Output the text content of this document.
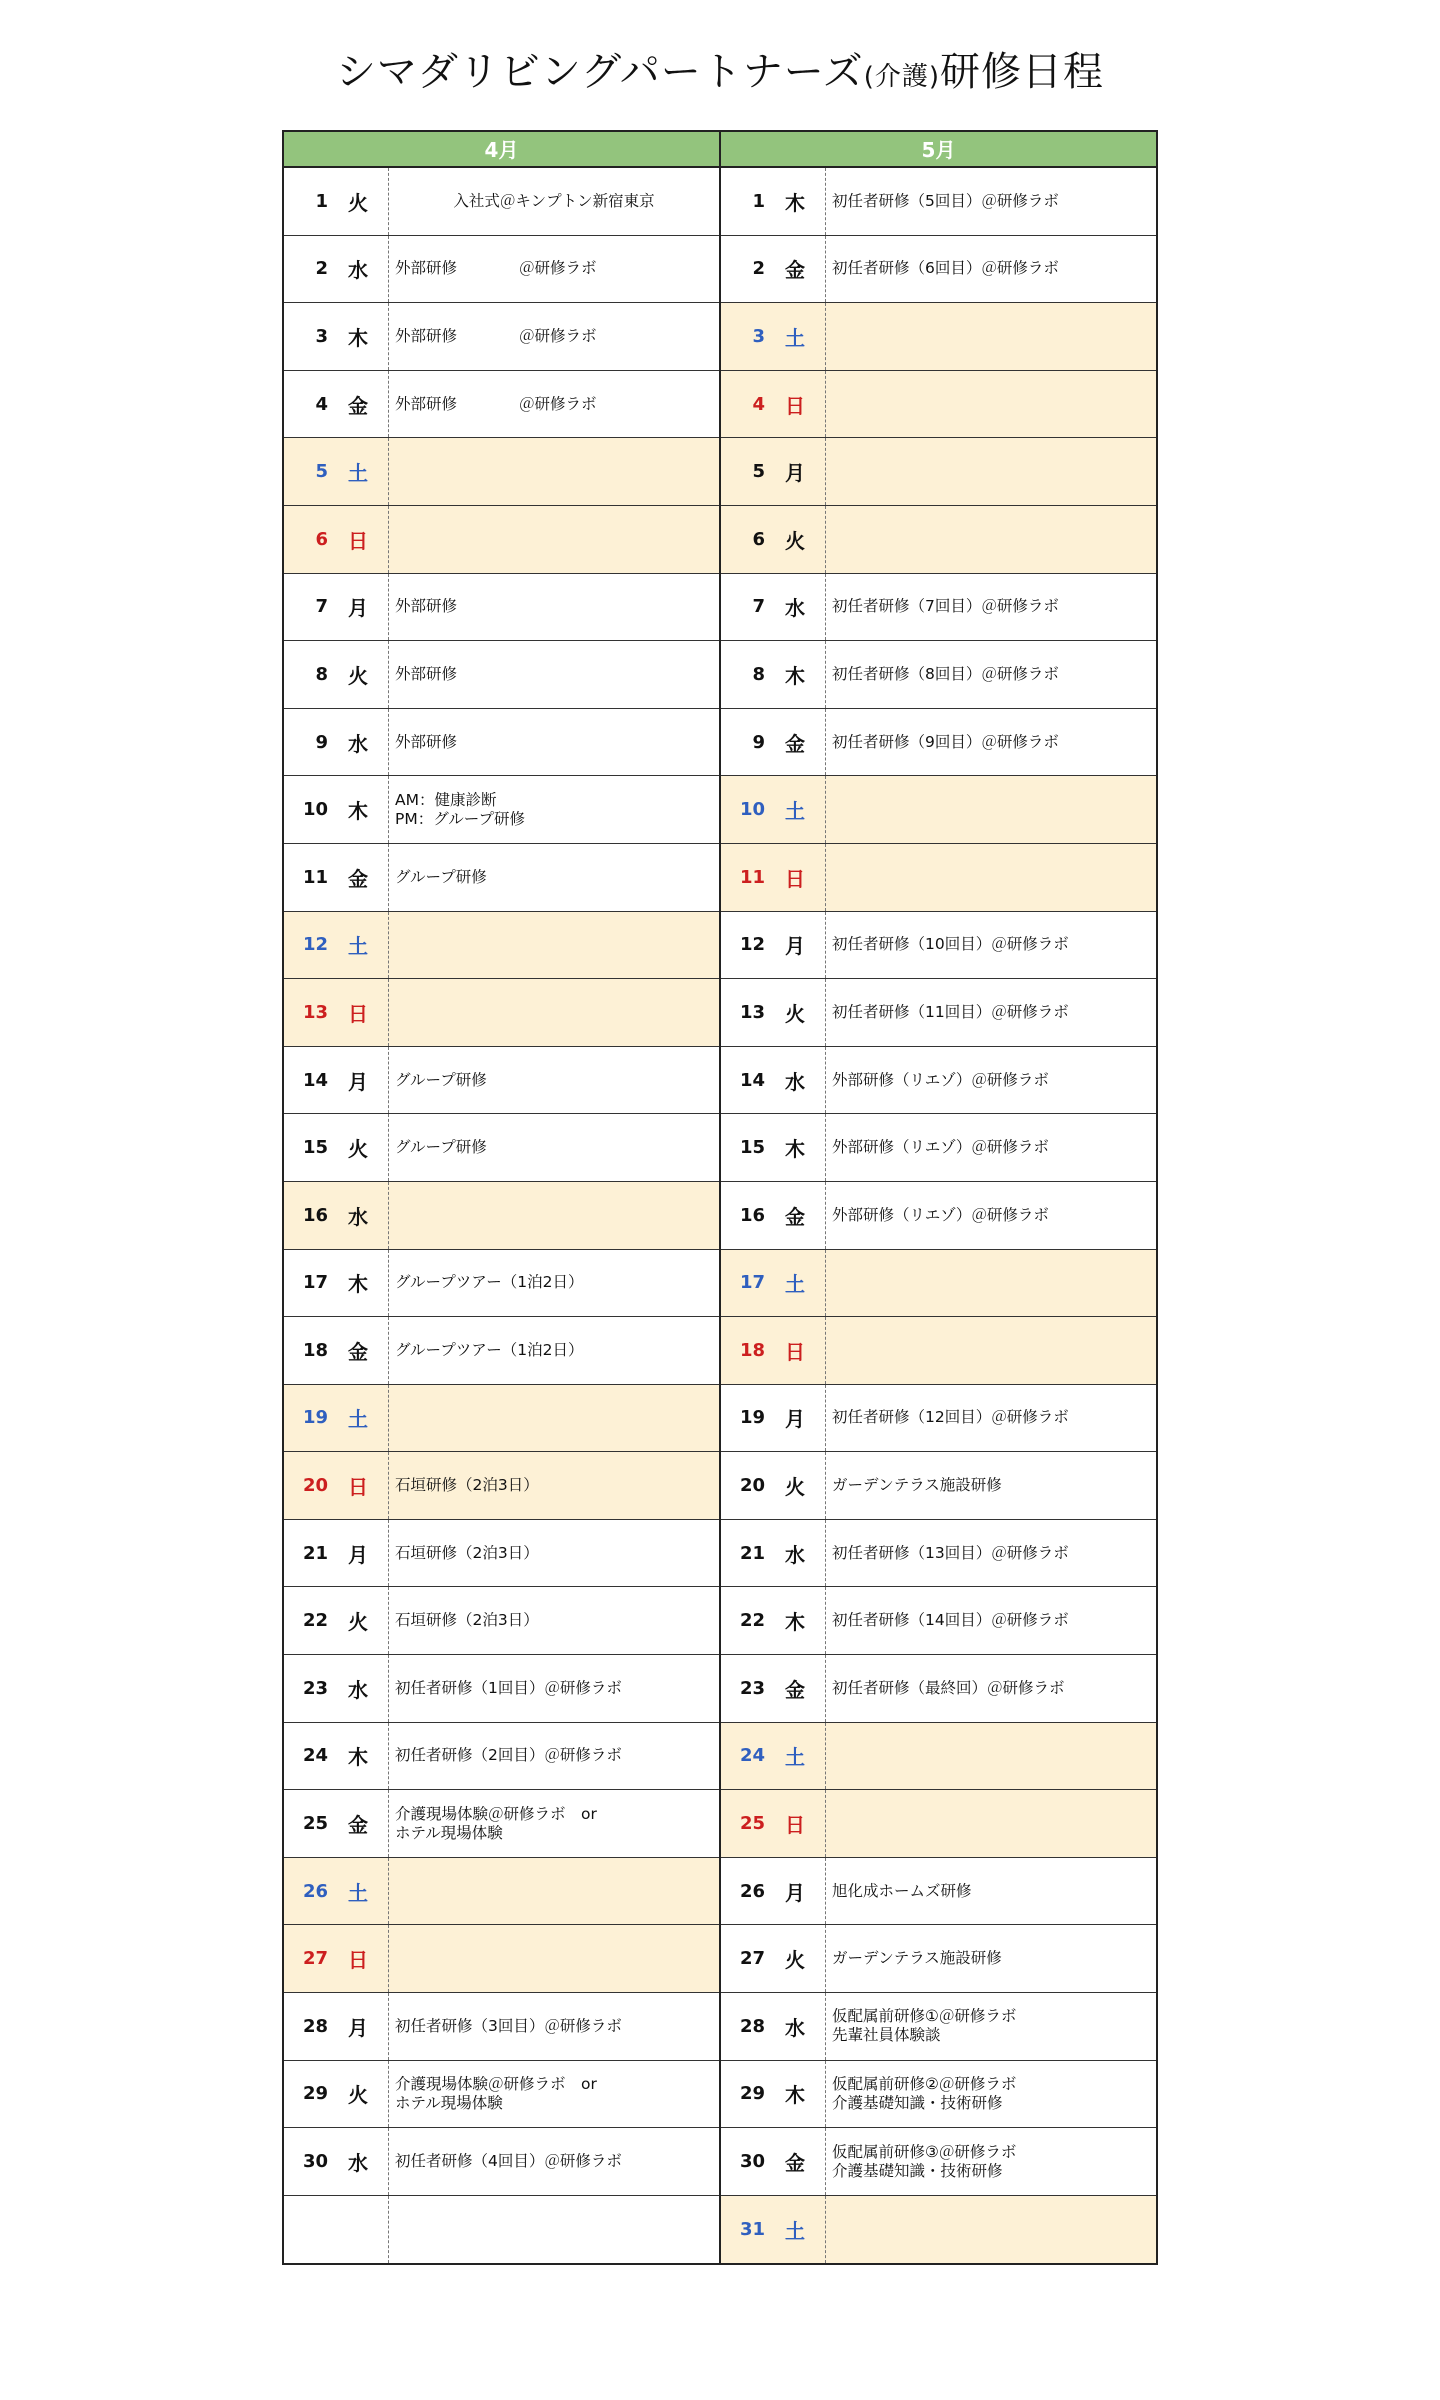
シマダリビングパートナーズ(介護)研修日程
4月
1	火	入社式＠キンプトン新宿東京
2	水	外部研修　　　　＠研修ラボ
3	木	外部研修　　　　＠研修ラボ
4	金	外部研修　　　　＠研修ラボ
5	土
6	日
7	月	外部研修
8	火	外部研修
9	水	外部研修
10	木	AM：健康診断
PM：グループ研修
11	金	グループ研修
12	土
13	日
14	月	グループ研修
15	火	グループ研修
16	水
17	木	グループツアー（1泊2日）
18	金	グループツアー（1泊2日）
19	土
20	日	石垣研修（2泊3日）
21	月	石垣研修（2泊3日）
22	火	石垣研修（2泊3日）
23	水	初任者研修（1回目）＠研修ラボ
24	木	初任者研修（2回目）＠研修ラボ
25	金	介護現場体験＠研修ラボ　or
ホテル現場体験
26	土
27	日
28	月	初任者研修（3回目）＠研修ラボ
29	火	介護現場体験＠研修ラボ　or
ホテル現場体験
30	水	初任者研修（4回目）＠研修ラボ
5月
1	木	初任者研修（5回目）＠研修ラボ
2	金	初任者研修（6回目）＠研修ラボ
3	土
4	日
5	月
6	火
7	水	初任者研修（7回目）＠研修ラボ
8	木	初任者研修（8回目）＠研修ラボ
9	金	初任者研修（9回目）＠研修ラボ
10	土
11	日
12	月	初任者研修（10回目）＠研修ラボ
13	火	初任者研修（11回目）＠研修ラボ
14	水	外部研修（リエゾ）＠研修ラボ
15	木	外部研修（リエゾ）＠研修ラボ
16	金	外部研修（リエゾ）＠研修ラボ
17	土
18	日
19	月	初任者研修（12回目）＠研修ラボ
20	火	ガーデンテラス施設研修
21	水	初任者研修（13回目）＠研修ラボ
22	木	初任者研修（14回目）＠研修ラボ
23	金	初任者研修（最終回）＠研修ラボ
24	土
25	日
26	月	旭化成ホームズ研修
27	火	ガーデンテラス施設研修
28	水	仮配属前研修①＠研修ラボ
先輩社員体験談
29	木	仮配属前研修②＠研修ラボ
介護基礎知識・技術研修
30	金	仮配属前研修③＠研修ラボ
介護基礎知識・技術研修
31	土
